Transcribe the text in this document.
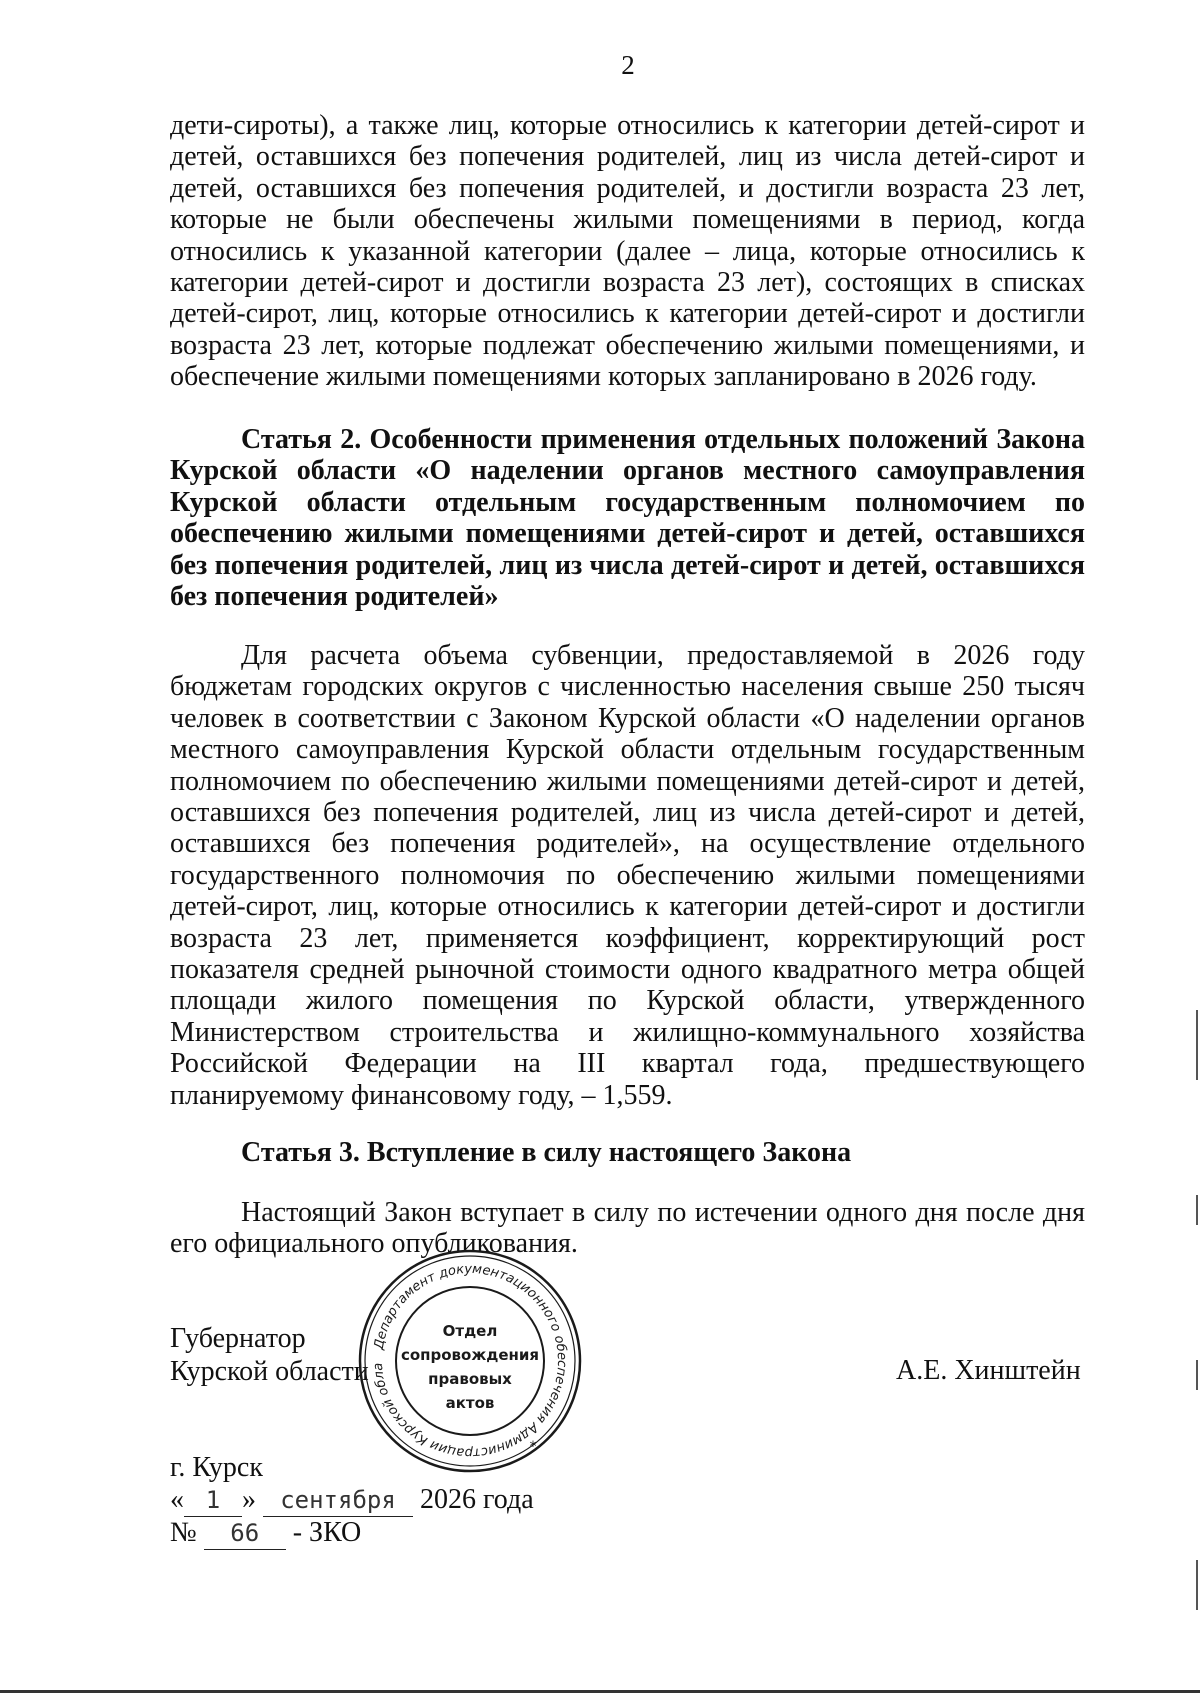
2

дети-сироты), а также лиц, которые относились к категории детей-сирот и детей, оставшихся без попечения родителей, лиц из числа детей-сирот и детей, оставшихся без попечения родителей, и достигли возраста 23 лет, которые не были обеспечены жилыми помещениями в период, когда относились к указанной категории (далее – лица, которые относились к категории детей-сирот и достигли возраста 23 лет), состоящих в списках детей-сирот, лиц, которые относились к категории детей-сирот и достигли возраста 23 лет, которые подлежат обеспечению жилыми помещениями, и обеспечение жилыми помещениями которых запланировано в 2026 году.

Статья 2. Особенности применения отдельных положений Закона Курской области «О наделении органов местного самоуправления Курской области отдельным государственным полномочием по обеспечению жилыми помещениями детей-сирот и детей, оставшихся без попечения родителей, лиц из числа детей-сирот и детей, оставшихся без попечения родителей»

Для расчета объема субвенции, предоставляемой в 2026 году бюджетам городских округов с численностью населения свыше 250 тысяч человек в соответствии с Законом Курской области «О наделении органов местного самоуправления Курской области отдельным государственным полномочием по обеспечению жилыми помещениями детей-сирот и детей, оставшихся без попечения родителей, лиц из числа детей-сирот и детей, оставшихся без попечения родителей», на осуществление отдельного государственного полномочия по обеспечению жилыми помещениями детей-сирот, лиц, которые относились к категории детей-сирот и достигли возраста 23 лет, применяется коэффициент, корректирующий рост показателя средней рыночной стоимости одного квадратного метра общей площади жилого помещения по Курской области, утвержденного Министерством строительства и жилищно-коммунального хозяйства Российской Федерации на III квартал года, предшествующего планируемому финансовому году, – 1,559.

Статья 3. Вступление в силу настоящего Закона

Настоящий Закон вступает в силу по истечении одного дня после дня его официального опубликования.

Губернатор
Курской области	А.Е. Хинштейн
Департамент документационного обеспечения Администрации Курской обла
*
Отдел
сопровождения
правовых
актов
г. Курск
« 1 » сентября 2026 года
№ 66 - ЗКО
